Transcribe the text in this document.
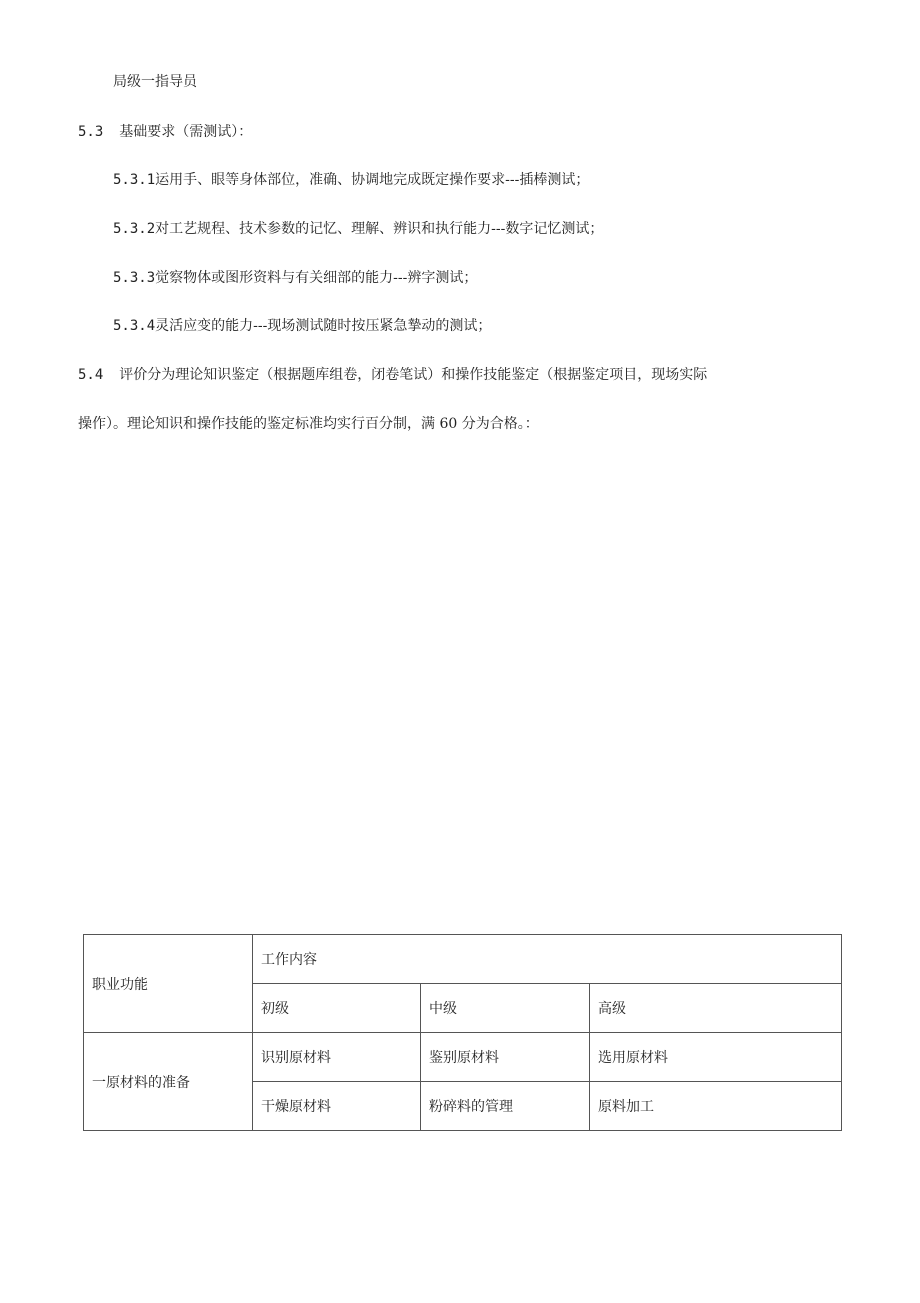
局级一指导员
5.3 基础要求（需测试）：
5.3.1运用手、眼等身体部位，准确、协调地完成既定操作要求---插棒测试；
5.3.2对工艺规程、技术参数的记忆、理解、辨识和执行能力---数字记忆测试；
5.3.3觉察物体或图形资料与有关细部的能力---辨字测试；
5.3.4灵活应变的能力---现场测试随时按压紧急摯动的测试；
5.4 评价分为理论知识鉴定（根据题库组卷，闭卷笔试）和操作技能鉴定（根据鉴定项目，现场实际
操作）。理论知识和操作技能的鉴定标准均实行百分制，满 60 分为合格。：
职业功能	工作内容		
	初级	中级	高级
一原材料的准备	识别原材料	鉴别原材料	选用原材料
	干燥原材料	粉碎料的管理	原料加工
